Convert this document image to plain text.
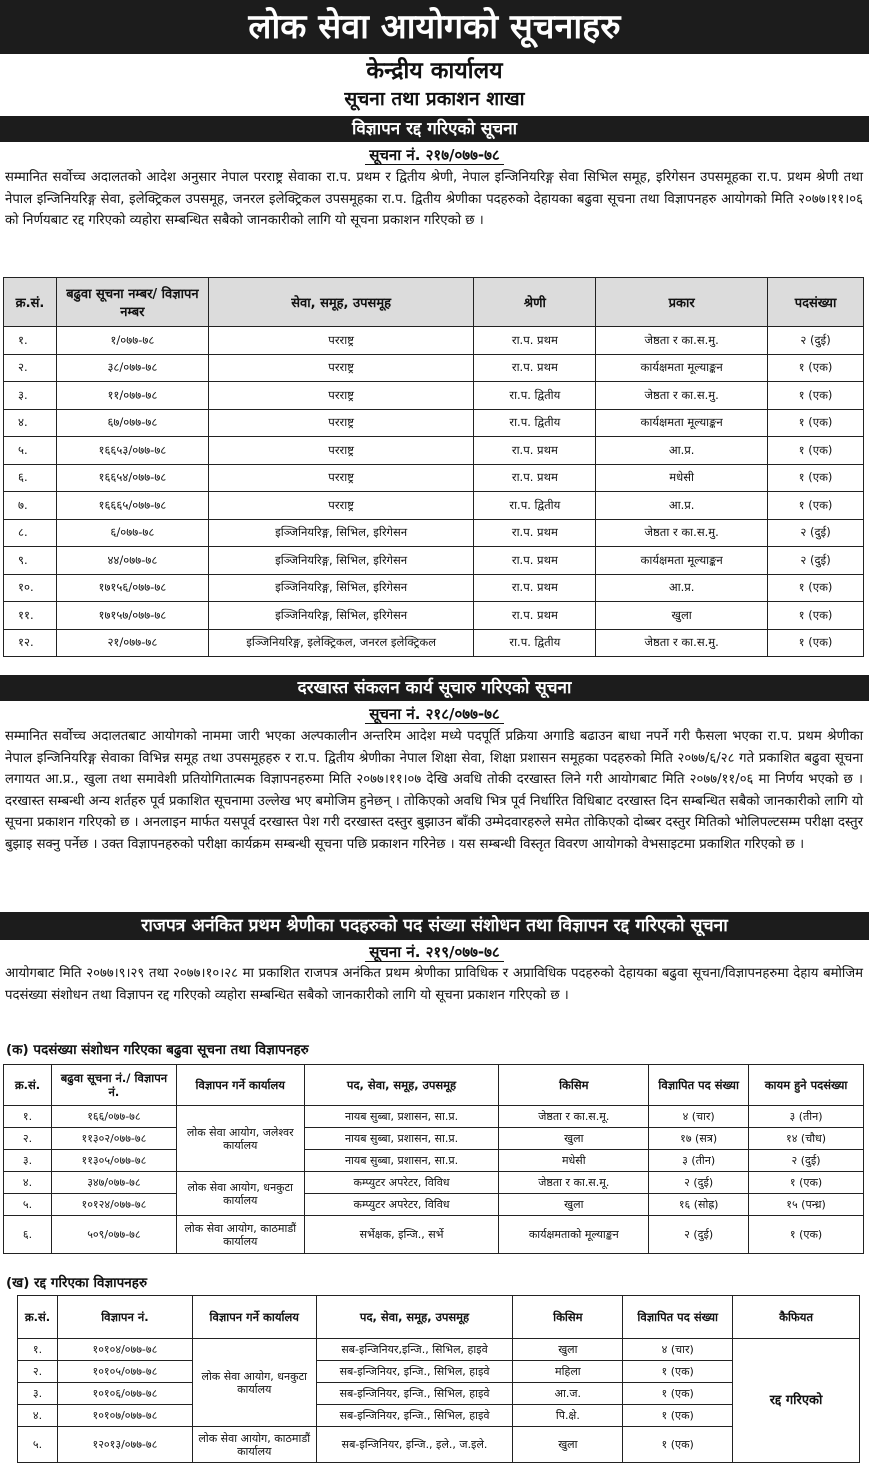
लोक सेवा आयोगको सूचनाहरु
केन्द्रीय कार्यालय
सूचना तथा प्रकाशन शाखा
विज्ञापन रद्द गरिएको सूचना
सूचना नं. २१७/०७७-७८

सम्मानित सर्वोच्च अदालतको आदेश अनुसार नेपाल परराष्ट्र सेवाका रा.प. प्रथम र द्वितीय श्रेणी, नेपाल इन्जिनियरिङ्ग सेवा सिभिल समूह, इरिगेसन उपसमूहका रा.प. प्रथम श्रेणी तथा नेपाल इन्जिनियरिङ्ग सेवा, इलेक्ट्रिकल उपसमूह, जनरल इलेक्ट्रिकल उपसमूहका रा.प. द्वितीय श्रेणीका पदहरुको देहायका बढुवा सूचना तथा विज्ञापनहरु आयोगको मिति २०७७।११।०६ को निर्णयबाट रद्द गरिएको व्यहोरा सम्बन्धित सबैको जानकारीको लागि यो सूचना प्रकाशन गरिएको छ ।

क्र.सं.	बढुवा सूचना नम्बर/ विज्ञापन नम्बर	सेवा, समूह, उपसमूह	श्रेणी	प्रकार	पदसंख्या
१.	१/०७७-७८	परराष्ट्र	रा.प. प्रथम	जेष्ठता र का.स.मु.	२ (दुई)
२.	३८/०७७-७८	परराष्ट्र	रा.प. प्रथम	कार्यक्षमता मूल्याङ्कन	१ (एक)
३.	११/०७७-७८	परराष्ट्र	रा.प. द्वितीय	जेष्ठता र का.स.मु.	१ (एक)
४.	६७/०७७-७८	परराष्ट्र	रा.प. द्वितीय	कार्यक्षमता मूल्याङ्कन	१ (एक)
५.	१६६५३/०७७-७८	परराष्ट्र	रा.प. प्रथम	आ.प्र.	१ (एक)
६.	१६६५४/०७७-७८	परराष्ट्र	रा.प. प्रथम	मधेसी	१ (एक)
७.	१६६६५/०७७-७८	परराष्ट्र	रा.प. द्वितीय	आ.प्र.	१ (एक)
८.	६/०७७-७८	इञ्जिनियरिङ्ग, सिभिल, इरिगेसन	रा.प. प्रथम	जेष्ठता र का.स.मु.	२ (दुई)
९.	४४/०७७-७८	इञ्जिनियरिङ्ग, सिभिल, इरिगेसन	रा.प. प्रथम	कार्यक्षमता मूल्याङ्कन	२ (दुई)
१०.	१७१५६/०७७-७८	इञ्जिनियरिङ्ग, सिभिल, इरिगेसन	रा.प. प्रथम	आ.प्र.	१ (एक)
११.	१७१५७/०७७-७८	इञ्जिनियरिङ्ग, सिभिल, इरिगेसन	रा.प. प्रथम	खुला	१ (एक)
१२.	२१/०७७-७८	इञ्जिनियरिङ्ग, इलेक्ट्रिकल, जनरल इलेक्ट्रिकल	रा.प. द्वितीय	जेष्ठता र का.स.मु.	१ (एक)
दरखास्त संकलन कार्य सूचारु गरिएको सूचना
सूचना नं. २१८/०७७-७८

सम्मानित सर्वोच्च अदालतबाट आयोगको नाममा जारी भएका अल्पकालीन अन्तरिम आदेश मध्ये पदपूर्ति प्रक्रिया अगाडि बढाउन बाधा नपर्ने गरी फैसला भएका रा.प. प्रथम श्रेणीका नेपाल इन्जिनियरिङ्ग सेवाका विभिन्न समूह तथा उपसमूहहरु र रा.प. द्वितीय श्रेणीका नेपाल शिक्षा सेवा, शिक्षा प्रशासन समूहका पदहरुको मिति २०७७/६/२८ गते प्रकाशित बढुवा सूचना लगायत आ.प्र., खुला तथा समावेशी प्रतियोगितात्मक विज्ञापनहरुमा मिति २०७७।११।०७ देखि अवधि तोकी दरखास्त लिने गरी आयोगबाट मिति २०७७/११/०६ मा निर्णय भएको छ । दरखास्त सम्बन्धी अन्य शर्तहरु पूर्व प्रकाशित सूचनामा उल्लेख भए बमोजिम हुनेछन् । तोकिएको अवधि भित्र पूर्व निर्धारित विधिबाट दरखास्त दिन सम्बन्धित सबैको जानकारीको लागि यो सूचना प्रकाशन गरिएको छ । अनलाइन मार्फत यसपूर्व दरखास्त पेश गरी दरखास्त दस्तुर बुझाउन बाँकी उम्मेदवारहरुले समेत तोकिएको दोब्बर दस्तुर मितिको भोलिपल्टसम्म परीक्षा दस्तुर बुझाइ सक्नु पर्नेछ । उक्त विज्ञापनहरुको परीक्षा कार्यक्रम सम्बन्धी सूचना पछि प्रकाशन गरिनेछ । यस सम्बन्धी विस्तृत विवरण आयोगको वेभसाइटमा प्रकाशित गरिएको छ ।

राजपत्र अनंकित प्रथम श्रेणीका पदहरुको पद संख्या संशोधन तथा विज्ञापन रद्द गरिएको सूचना
सूचना नं. २१९/०७७-७८

आयोगबाट मिति २०७७।९।२९ तथा २०७७।१०।२८ मा प्रकाशित राजपत्र अनंकित प्रथम श्रेणीका प्राविधिक र अप्राविधिक पदहरुको देहायका बढुवा सूचना/विज्ञापनहरुमा देहाय बमोजिम पदसंख्या संशोधन तथा विज्ञापन रद्द गरिएको व्यहोरा सम्बन्धित सबैको जानकारीको लागि यो सूचना प्रकाशन गरिएको छ ।

(क) पदसंख्या संशोधन गरिएका बढुवा सूचना तथा विज्ञापनहरु
क्र.सं.	बढुवा सूचना नं./ विज्ञापन नं.	विज्ञापन गर्ने कार्यालय	पद, सेवा, समूह, उपसमूह	किसिम	विज्ञापित पद संख्या	कायम हुने पदसंख्या
१.	१६६/०७७-७८	लोक सेवा आयोग, जलेश्वर कार्यालय	नायब सुब्बा, प्रशासन, सा.प्र.	जेष्ठता र का.स.मू.	४ (चार)	३ (तीन)
२.	११३०२/०७७-७८		नायब सुब्बा, प्रशासन, सा.प्र.	खुला	१७ (सत्र)	१४ (चौध)
३.	११३०५/०७७-७८		नायब सुब्बा, प्रशासन, सा.प्र.	मधेसी	३ (तीन)	२ (दुई)
४.	३४७/०७७-७८	लोक सेवा आयोग, धनकुटा कार्यालय	कम्प्युटर अपरेटर, विविध	जेष्ठता र का.स.मू.	२ (दुई)	१ (एक)
५.	१०१२४/०७७-७८		कम्प्युटर अपरेटर, विविध	खुला	१६ (सोह्र)	१५ (पन्ध्र)
६.	५०९/०७७-७८	लोक सेवा आयोग, काठमाडौं कार्यालय	सर्भेक्षक, इन्जि., सर्भे	कार्यक्षमताको मूल्याङ्कन	२ (दुई)	१ (एक)
(ख) रद्द गरिएका विज्ञापनहरु
क्र.सं.	विज्ञापन नं.	विज्ञापन गर्ने कार्यालय	पद, सेवा, समूह, उपसमूह	किसिम	विज्ञापित पद संख्या	कैफियत
१.	१०१०४/०७७-७८	लोक सेवा आयोग, धनकुटा कार्यालय	सब-इन्जिनियर,इन्जि., सिभिल, हाइवे	खुला	४ (चार)	रद्द गरिएको
२.	१०१०५/०७७-७८		सब-इन्जिनियर, इन्जि., सिभिल, हाइवे	महिला	१ (एक)	
३.	१०१०६/०७७-७८		सब-इन्जिनियर, इन्जि., सिभिल, हाइवे	आ.ज.	१ (एक)	
४.	१०१०७/०७७-७८		सब-इन्जिनियर, इन्जि., सिभिल, हाइवे	पि.क्षे.	१ (एक)	
५.	१२०१३/०७७-७८	लोक सेवा आयोग, काठमाडौं कार्यालय	सब-इन्जिनियर, इन्जि., इले., ज.इले.	खुला	१ (एक)	
